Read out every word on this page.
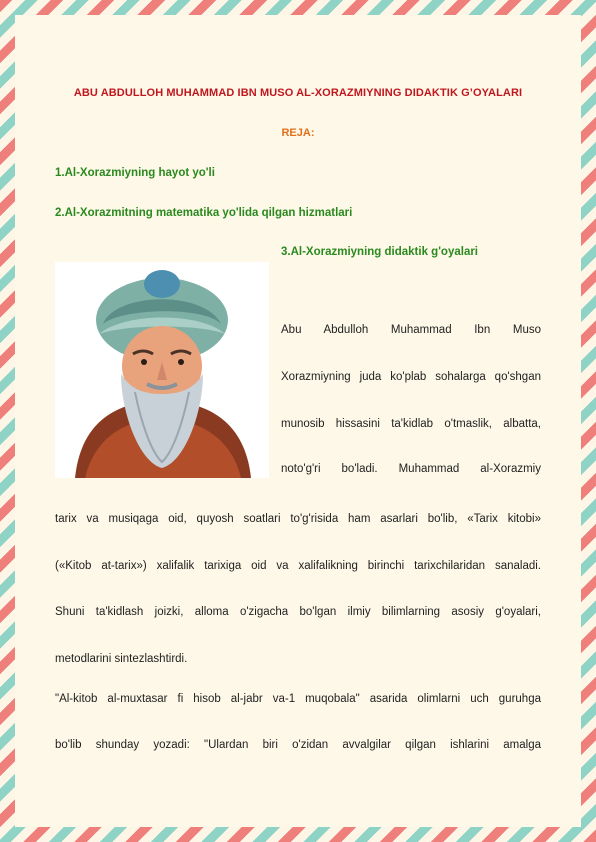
ABU ABDULLOH MUHAMMAD IBN MUSO AL-XORAZMIYNING DIDAKTIK G’OYALARI
REJA:
1.Al-Xorazmiyning hayot yo'li
2.Al-Xorazmitning matematika yo'lida qilgan hizmatlari
3.Al-Xorazmiyning didaktik g'oyalari

Abu Abdulloh Muhammad Ibn Muso

Xorazmiyning juda ko'plab sohalarga qo'shgan

munosib hissasini ta'kidlab o'tmaslik, albatta,

noto'g'ri bo'ladi. Muhammad al-Xorazmiy

tarix va musiqaga oid, quyosh soatlari to'g'risida ham asarlari bo'lib, «Tarix kitobi»

(«Kitob at-tarix») xalifalik tarixiga oid va xalifalikning birinchi tarixchilaridan sanaladi.

Shuni ta'kidlash joizki, alloma o'zigacha bo'lgan ilmiy bilimlarning asosiy g'oyalari,

metodlarini sintezlashtirdi.

"Al-kitob al-muxtasar fi hisob al-jabr va-1 muqobala" asarida olimlarni uch guruhga

bo'lib shunday yozadi: "Ulardan biri o'zidan avvalgilar qilgan ishlarini amalga
